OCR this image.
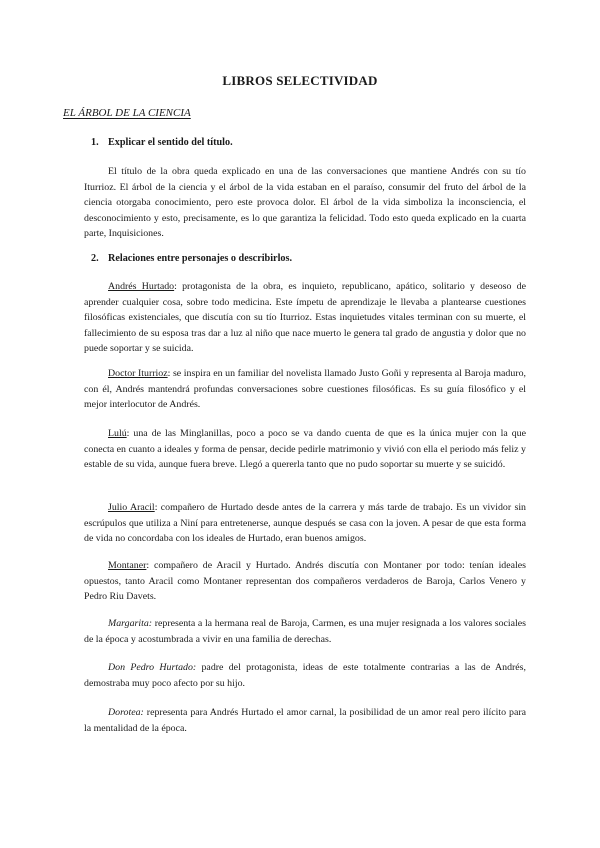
LIBROS SELECTIVIDAD
EL ÁRBOL DE LA CIENCIA
1. Explicar el sentido del título.
El título de la obra queda explicado en una de las conversaciones que mantiene Andrés con su tío Iturrioz. El árbol de la ciencia y el árbol de la vida estaban en el paraíso, consumir del fruto del árbol de la ciencia otorgaba conocimiento, pero este provoca dolor. El árbol de la vida simboliza la inconsciencia, el desconocimiento y esto, precisamente, es lo que garantiza la felicidad. Todo esto queda explicado en la cuarta parte, Inquisiciones.
2. Relaciones entre personajes o describirlos.
Andrés Hurtado: protagonista de la obra, es inquieto, republicano, apático, solitario y deseoso de aprender cualquier cosa, sobre todo medicina. Este ímpetu de aprendizaje le llevaba a plantearse cuestiones filosóficas existenciales, que discutía con su tío Iturrioz. Estas inquietudes vitales terminan con su muerte, el fallecimiento de su esposa tras dar a luz al niño que nace muerto le genera tal grado de angustia y dolor que no puede soportar y se suicida.
Doctor Iturrioz: se inspira en un familiar del novelista llamado Justo Goñi y representa al Baroja maduro, con él, Andrés mantendrá profundas conversaciones sobre cuestiones filosóficas. Es su guía filosófico y el mejor interlocutor de Andrés.
Lulú: una de las Minglanillas, poco a poco se va dando cuenta de que es la única mujer con la que conecta en cuanto a ideales y forma de pensar, decide pedirle matrimonio y vivió con ella el periodo más feliz y estable de su vida, aunque fuera breve. Llegó a quererla tanto que no pudo soportar su muerte y se suicidó.
Julio Aracil: compañero de Hurtado desde antes de la carrera y más tarde de trabajo. Es un vividor sin escrúpulos que utiliza a Niní para entretenerse, aunque después se casa con la joven. A pesar de que esta forma de vida no concordaba con los ideales de Hurtado, eran buenos amigos.
Montaner: compañero de Aracil y Hurtado. Andrés discutía con Montaner por todo: tenían ideales opuestos, tanto Aracil como Montaner representan dos compañeros verdaderos de Baroja, Carlos Venero y Pedro Riu Davets.
Margarita: representa a la hermana real de Baroja, Carmen, es una mujer resignada a los valores sociales de la época y acostumbrada a vivir en una familia de derechas.
Don Pedro Hurtado: padre del protagonista, ideas de este totalmente contrarias a las de Andrés, demostraba muy poco afecto por su hijo.
Dorotea: representa para Andrés Hurtado el amor carnal, la posibilidad de un amor real pero ilícito para la mentalidad de la época.
